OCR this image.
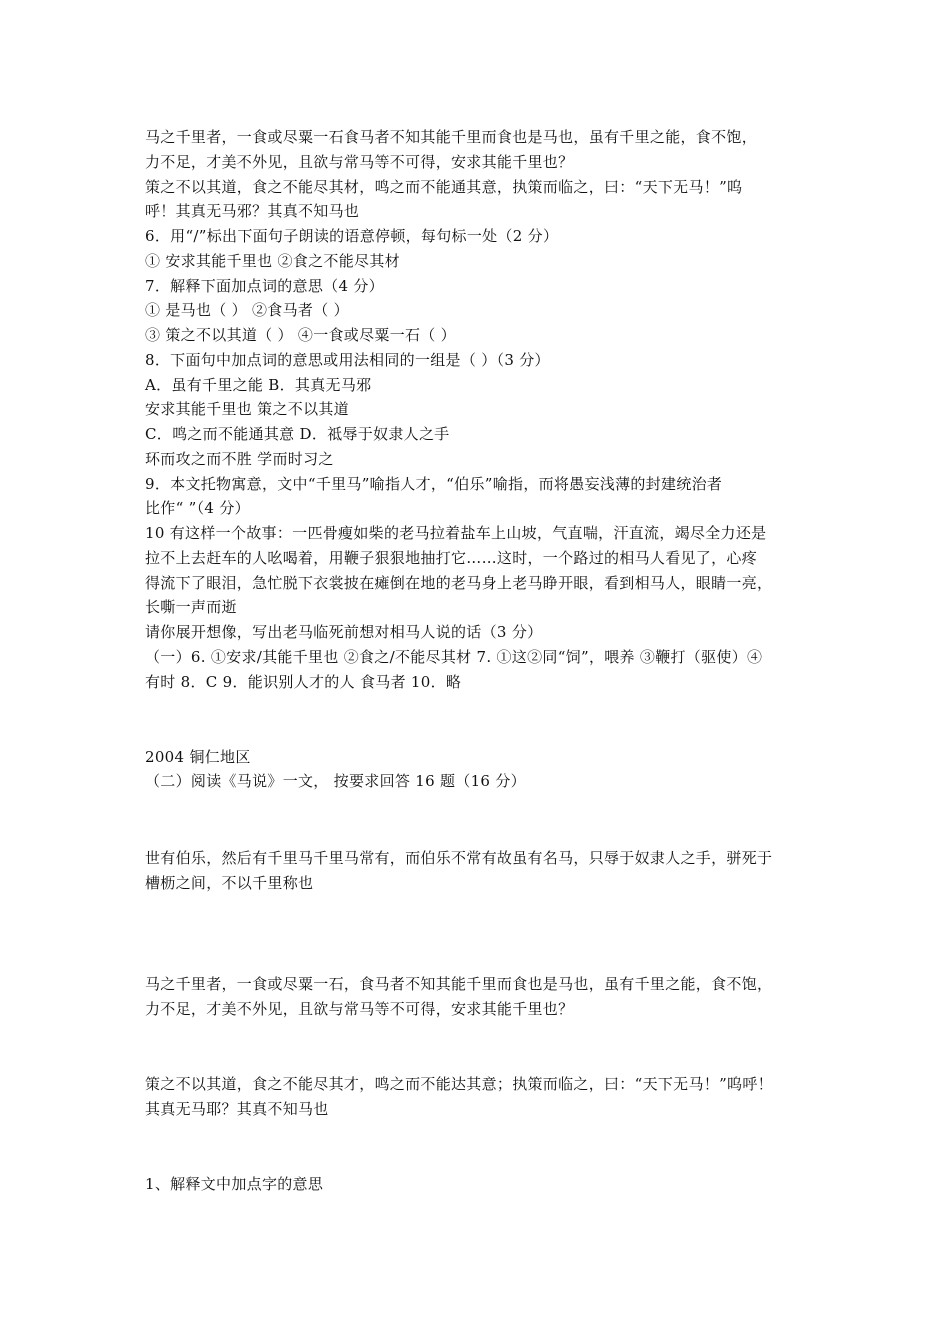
马之千里者，一食或尽粟一石食马者不知其能千里而食也是马也，虽有千里之能，食不饱，
力不足，才美不外见，且欲与常马等不可得，安求其能千里也？
策之不以其道，食之不能尽其材，鸣之而不能通其意，执策而临之，曰：“天下无马！”呜
呼！其真无马邪？其真不知马也
6．用“/”标出下面句子朗读的语意停顿，每句标一处（2 分）
① 安求其能千里也 ②食之不能尽其材
7．解释下面加点词的意思（4 分）
① 是马也（ ） ②食马者（ ）
③ 策之不以其道（ ） ④一食或尽粟一石（ ）
8．下面句中加点词的意思或用法相同的一组是（ ）（3 分）
A．虽有千里之能 B．其真无马邪
安求其能千里也 策之不以其道
C．鸣之而不能通其意 D．祗辱于奴隶人之手
环而攻之而不胜 学而时习之
9．本文托物寓意，文中“千里马”喻指人才，“伯乐”喻指，而将愚妄浅薄的封建统治者
比作“ ”（4 分）
10 有这样一个故事：一匹骨瘦如柴的老马拉着盐车上山坡，气直喘，汗直流，竭尽全力还是
拉不上去赶车的人吆喝着，用鞭子狠狠地抽打它……这时，一个路过的相马人看见了，心疼
得流下了眼泪，急忙脱下衣裳披在瘫倒在地的老马身上老马睁开眼，看到相马人，眼睛一亮，
长嘶一声而逝
请你展开想像，写出老马临死前想对相马人说的话（3 分）
（一）6. ①安求/其能千里也 ②食之/不能尽其材 7. ①这②同“饲”，喂养 ③鞭打（驱使）④
有时 8．C 9．能识别人才的人 食马者 10．略
2004 铜仁地区
（二）阅读《马说》一文， 按要求回答 16 题（16 分）
世有伯乐，然后有千里马千里马常有，而伯乐不常有故虽有名马，只辱于奴隶人之手，骈死于
槽枥之间，不以千里称也
马之千里者，一食或尽粟一石，食马者不知其能千里而食也是马也，虽有千里之能，食不饱，
力不足，才美不外见，且欲与常马等不可得，安求其能千里也？
策之不以其道，食之不能尽其才，鸣之而不能达其意；执策而临之，曰：“天下无马！”呜呼！
其真无马耶？其真不知马也
1、解释文中加点字的意思
